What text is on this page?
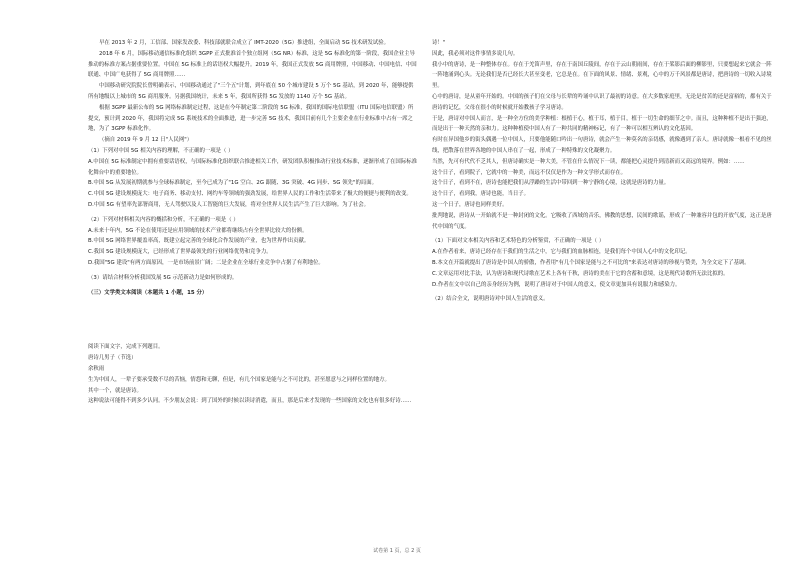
早在 2013 年 2 月，工信部、国家发改委、科技部就联合成立了 IMT-2020（5G）推进组，全面启动 5G 技术研发试验。

2018 年 6 月，国际移动通信标准化组织 3GPP 正式批准首个独立组网（5G NR）标准，这是 5G 标准化的第一阶段，我国企业主导推动的标准方案占据重要位置。中国在 5G 标准上的话语权大幅提升。2019 年，我国正式发放 5G 商用牌照，中国移动、中国电信、中国联通、中国广电获得了 5G 商用牌照……

中国移动研究院院长曾明确表示，中国移动通过了"三个五"计划，到年底在 50 个城市建设 5 万个 5G 基站，到 2020 年，能够提供所有地级以上城市的 5G 商用服务。另据我国统计，未来 5 年，我国所获得 5G 发放的 1140 万个 5G 基站。

根据 3GPP 最新公布的 5G 网络标准制定过程，这是在今年制定第二阶段的 5G 标准，我国的国际电信联盟（ITU 国际电信联盟）所提交，预计到 2020 年，我国将完成 5G 系统技术的全面推进，进一步完善 5G 技术，我国目前有几个主要企业在行业标准中占有一席之地，为了 3GPP 标准化作。

（摘自 2019 年 9 月 12 日"人民网"）

（1）下列对中国 5G 相关内容的理解，不正确的一项是（ ）

A.中国在 5G 标准制定中拥有重要话语权，与国际标准化组织联合推进相关工作，研发团队积极推动行业技术标准，逐渐形成了在国际标准化舞台中的重要地位。

B.中国 5G 从发展初期就参与全球标准制定，至今已成为了"1G 空白、2G 跟随、3G 突破、4G 同步、5G 领先"的局面。

C.中国 5G 建设规模庞大：电子商务、移动支付、网约车等领域的强劲发展，给世界人民的工作和生活带来了极大的便捷与便利的改变。

D.中国 5G 有望率先部署商用，无人驾驶以及人工智能的巨大发展，将对全世界人民生活产生了巨大影响。为了社会。

（2）下列对材料相关内容的概括和分析，不正确的一项是（ ）

A.未来十年内，5G 不论在使用还是应用领域的技术产业都将继续占有全世界比较大的份额。

B.中国 5G 网络世界覆盖率高，既建立起完善的全球化合作发展的产业，也为世界作出贡献。

C.我国 5G 建设规模庞大，已经形成了世界最领先的行业网络优势和竞争力。

D.我国"5G 建设"有两方面原因，一是市场前景广阔；二是企业在全球行业竞争中占据了有利地位。

（3）请结合材料分析我国发展 5G 示范新动力是如何形成的。

（三）文学类文本阅读（本题共 1 小题，15 分）

阅读下面文字，完成下列题目。

唐诗几男子（节选）

余秋雨

生为中国人，一辈子要承受数不尽的苦恼，情怨和无聊，但是，有几个国家是能与之不可比的，甚至愿意与之同样位置的地方。

其中一个，就是唐诗。

这种说法可能得不到多少认同。不少朋友会说：到了国外的时候以读诗消遣，而且，那是后来才发现的一些国家的文化也有很多好诗……

诗！"

因此，我必须对这件事情多说几句。

我小中的唐诗，是一种整体存在。存在于羌笛声里，存在于南国丘陵间，存在于云山朝雨间，存在于桨影后面的柳影里，只要想起来它就会一阵一阵地涌到心头。无论我们是否已经长大甚至变老，它总是在。在下面的风景、情绪、景观，心中的万千风景都是唐诗，把唐诗的一切收入诗境里。

心中的唐诗，是从童年开始的。中国的孩子们在父母与长辈的吟诵中认识了最初的诗意。在大多数家庭里，无论是贫苦的还是富裕的，都有关于唐诗的记忆，父母在很小的时候就开始教孩子学习唐诗。

于是，唐诗对中国人而言，是一种全方位的美学种植：根植于心，植于耳，植于目，植于一切生命的细节之中。而且，这种种植不是出于强迫，而是出于一种天然的亲和力。这种种植使中国人有了一种共同的精神标记，有了一种可以相互辨认的文化基因。

有时在异国他乡的街头偶遇一位中国人，只要他能随口吟出一句唐诗，就会产生一种莫名的亲切感，就像遇到了亲人。唐诗就像一根看不见的丝线，把散落在世界各地的中国人串在了一起，形成了一种特殊的文化凝聚力。

当然，先可有代代不乏其人，但唐诗确实是一种大美，不管在什么情况下一读，都能把心灵提升到清新而又高远的境界。例如：……

这个日子，看到院子，它就中的一种美，而远不仅仅是作为一种文学形式而存在。

这个日子，看到不在，唐诗也能把我们从浮躁的生活中带回到一种宁静的心境，这就是唐诗的力量。

这个日子，看到我，唐诗也能，当日子。

这一个日子，唐诗也同样美好。

批判地说，唐诗从一开始就不是一种封闭的文化。它吸收了西域的音乐，佛教的思想，民间的歌谣，形成了一种兼容并包的开放气度，这正是唐代中国的气度。

（1）下面对文本相关内容和艺术特色的分析鉴赏，不正确的一项是（ ）

A.在作者看来，唐诗已经存在于我们的生活之中，它与我们的血脉相连，是我们每个中国人心中的文化印记。

B.本文在开篇就提出了唐诗是中国人的骄傲，作者用"有几个国家是能与之不可比的"来表达对唐诗的珍视与赞美，为全文定下了基调。

C.文章运用对比手法，认为唐诗和现代诗歌在艺术上各有千秋，唐诗的美在于它的含蓄和意境，这是现代诗歌所无法比拟的。

D.作者在文中以自己的亲身经历为例，说明了唐诗对于中国人的意义，使文章更加具有说服力和感染力。

（2）结合全文，说明唐诗对中国人生活的意义。

试卷第 1 页，总 2 页
